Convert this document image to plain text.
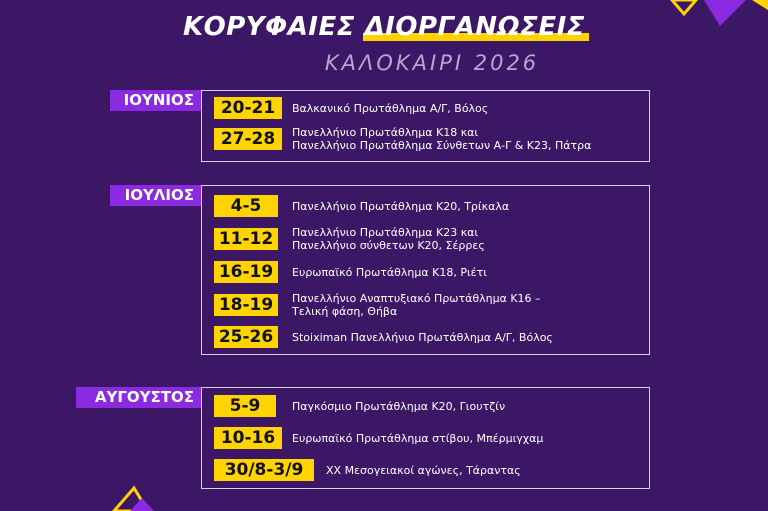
ΚΟΡΥΦΑΙΕΣ ΔΙΟΡΓΑΝΩΣΕΙΣ
ΚΑΛΟΚΑΙΡΙ 2026
ΙΟΥΝΙΟΣ	20-21	Βαλκανικό Πρωτάθλημα Α/Γ, Βόλος
27-28	Πανελλήνιο Πρωτάθλημα Κ18 και
Πανελλήνιο Πρωτάθλημα Σύνθετων Α-Γ & Κ23, Πάτρα
ΙΟΥΛΙΟΣ
4-5	Πανελλήνιο Πρωτάθλημα Κ20, Τρίκαλα
11-12	Πανελλήνιο Πρωτάθλημα Κ23 και
Πανελλήνιο σύνθετων Κ20, Σέρρες
16-19	Ευρωπαϊκό Πρωτάθλημα Κ18, Ριέτι
18-19	Πανελλήνιο Αναπτυξιακό Πρωτάθλημα Κ16 –
Τελική φάση, Θήβα
25-26	Stoiximan Πανελλήνιο Πρωτάθλημα Α/Γ, Βόλος
ΑΥΓΟΥΣΤΟΣ	5-9	Παγκόσμιο Πρωτάθλημα Κ20, Γιουτζίν
10-16	Ευρωπαϊκό Πρωτάθλημα στίβου, Μπέρμιγχαμ
30/8-3/9	XX Μεσογειακοί αγώνες, Τάραντας
